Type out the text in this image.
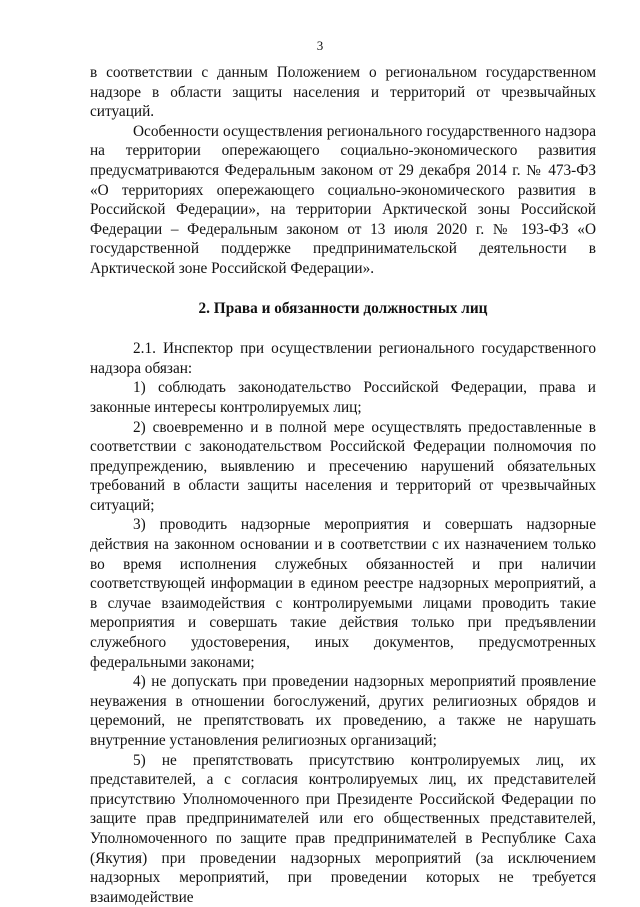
3

в соответствии с данным Положением о региональном государственном надзоре в области защиты населения и территорий от чрезвычайных ситуаций.

Особенности осуществления регионального государственного надзора на территории опережающего социально-экономического развития предусматриваются Федеральным законом от 29 декабря 2014 г. № 473-ФЗ «О территориях опережающего социально-экономического развития в Российской Федерации», на территории Арктической зоны Российской Федерации – Федеральным законом от 13 июля 2020 г. № 193-ФЗ «О государственной поддержке предпринимательской деятельности в Арктической зоне Российской Федерации».

2. Права и обязанности должностных лиц

2.1. Инспектор при осуществлении регионального государственного надзора обязан:

1) соблюдать законодательство Российской Федерации, права и законные интересы контролируемых лиц;

2) своевременно и в полной мере осуществлять предоставленные в соответствии с законодательством Российской Федерации полномочия по предупреждению, выявлению и пресечению нарушений обязательных требований в области защиты населения и территорий от чрезвычайных ситуаций;

3) проводить надзорные мероприятия и совершать надзорные действия на законном основании и в соответствии с их назначением только во время исполнения служебных обязанностей и при наличии соответствующей информации в едином реестре надзорных мероприятий, а в случае взаимодействия с контролируемыми лицами проводить такие мероприятия и совершать такие действия только при предъявлении служебного удостоверения, иных документов, предусмотренных федеральными законами;

4) не допускать при проведении надзорных мероприятий проявление неуважения в отношении богослужений, других религиозных обрядов и церемоний, не препятствовать их проведению, а также не нарушать внутренние установления религиозных организаций;

5) не препятствовать присутствию контролируемых лиц, их представителей, а с согласия контролируемых лиц, их представителей присутствию Уполномоченного при Президенте Российской Федерации по защите прав предпринимателей или его общественных представителей, Уполномоченного по защите прав предпринимателей в Республике Саха (Якутия) при проведении надзорных мероприятий (за исключением надзорных мероприятий, при проведении которых не требуется взаимодействие
